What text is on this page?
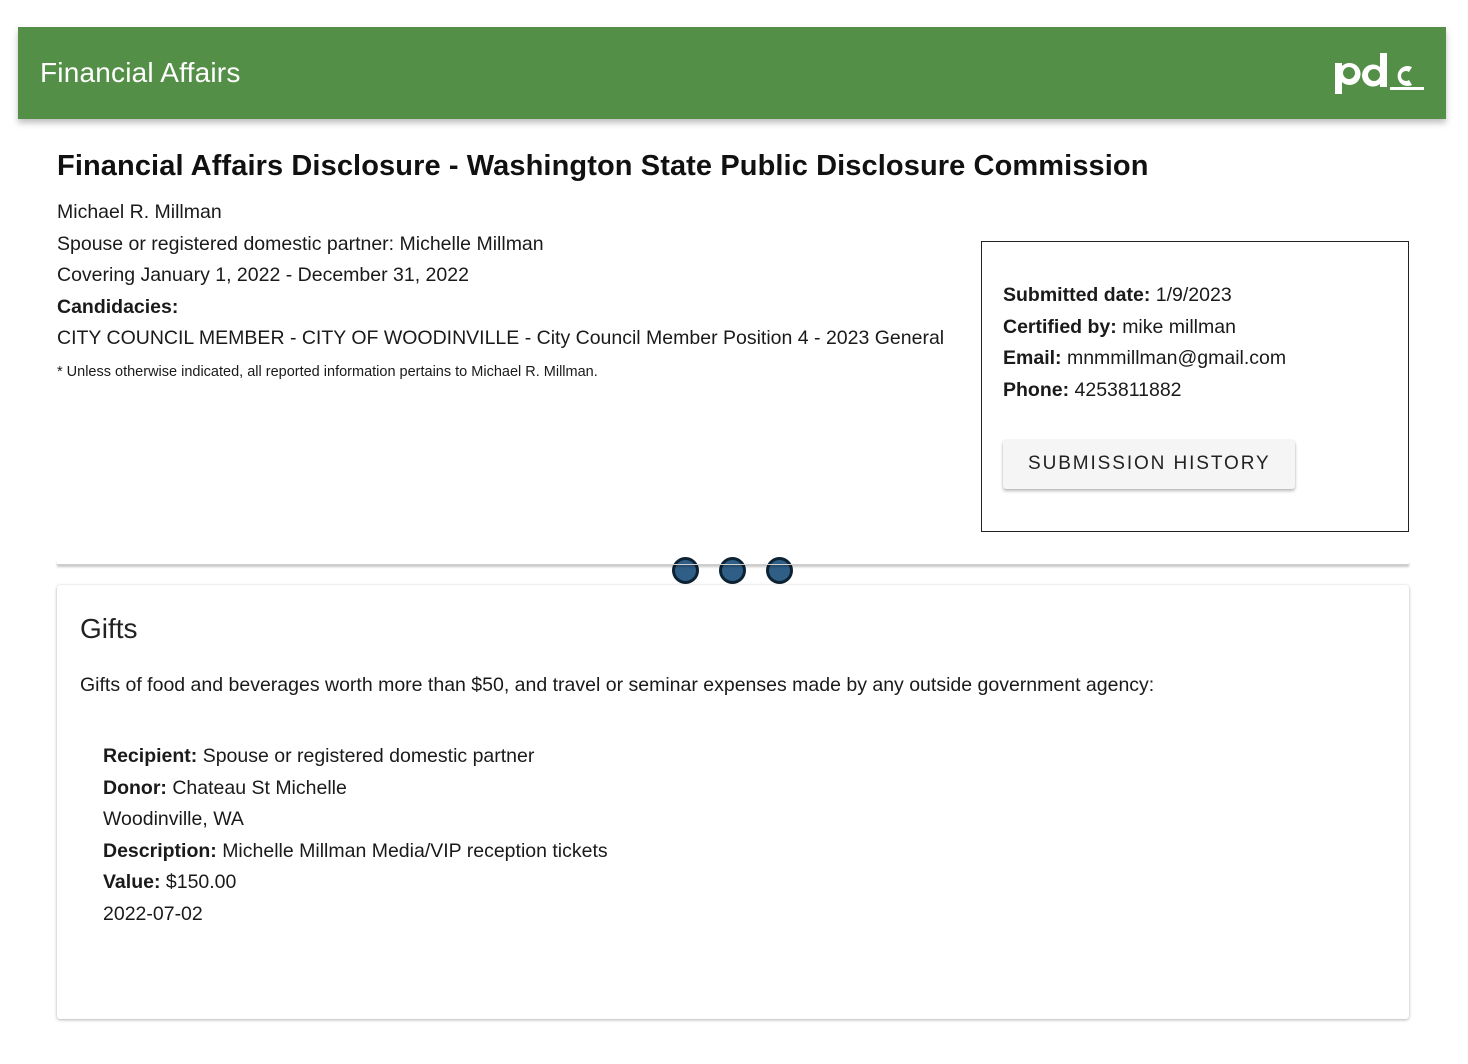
Financial Affairs
Financial Affairs Disclosure - Washington State Public Disclosure Commission
Michael R. Millman
Spouse or registered domestic partner: Michelle Millman
Covering January 1, 2022 - December 31, 2022
Candidacies:
CITY COUNCIL MEMBER - CITY OF WOODINVILLE - City Council Member Position 4 - 2023 General
* Unless otherwise indicated, all reported information pertains to Michael R. Millman.
Submitted date: 1/9/2023
Certified by: mike millman
Email: mnmmillman@gmail.com
Phone: 4253811882
SUBMISSION HISTORY
Gifts

Gifts of food and beverages worth more than $50, and travel or seminar expenses made by any outside government agency:

Recipient: Spouse or registered domestic partner
Donor: Chateau St Michelle
Woodinville, WA
Description: Michelle Millman Media/VIP reception tickets
Value: $150.00
2022-07-02
